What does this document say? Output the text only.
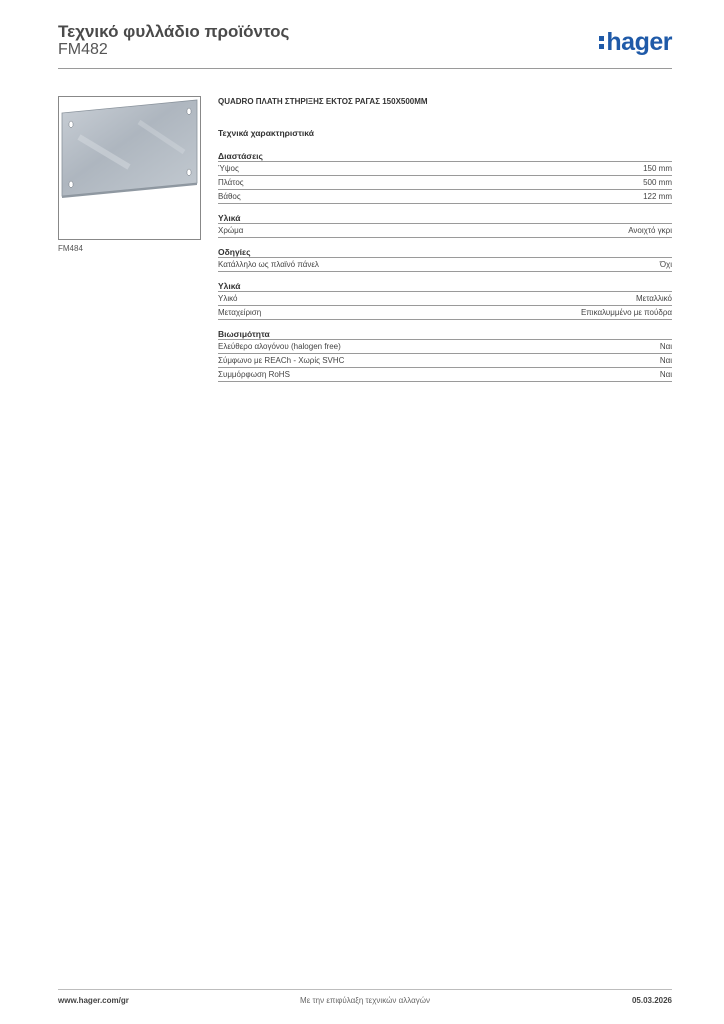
Τεχνικό φυλλάδιο προϊόντος
FM482	hager
FM484
QUADRO ΠΛΑΤΗ ΣΤΗΡΙΞΗΣ ΕΚΤΟΣ ΡΑΓΑΣ 150X500MM
Τεχνικά χαρακτηριστικά
Διαστάσεις
Ύψος	150 mm
Πλάτος	500 mm
Βάθος	122 mm
Υλικά
Χρώμα	Ανοιχτό γκρι
Οδηγίες
Κατάλληλο ως πλαϊνό πάνελ	Όχι
Υλικά
Υλικό	Μεταλλικό
Μεταχείριση	Επικαλυμμένο με πούδρα
Βιωσιμότητα
Ελεύθερο αλογόνου (halogen free)	Ναι
Σύμφωνο με REACh - Χωρίς SVHC	Ναι
Συμμόρφωση RoHS	Ναι
Με την επιφύλαξη τεχνικών αλλαγών
www.hager.com/gr	05.03.2026
